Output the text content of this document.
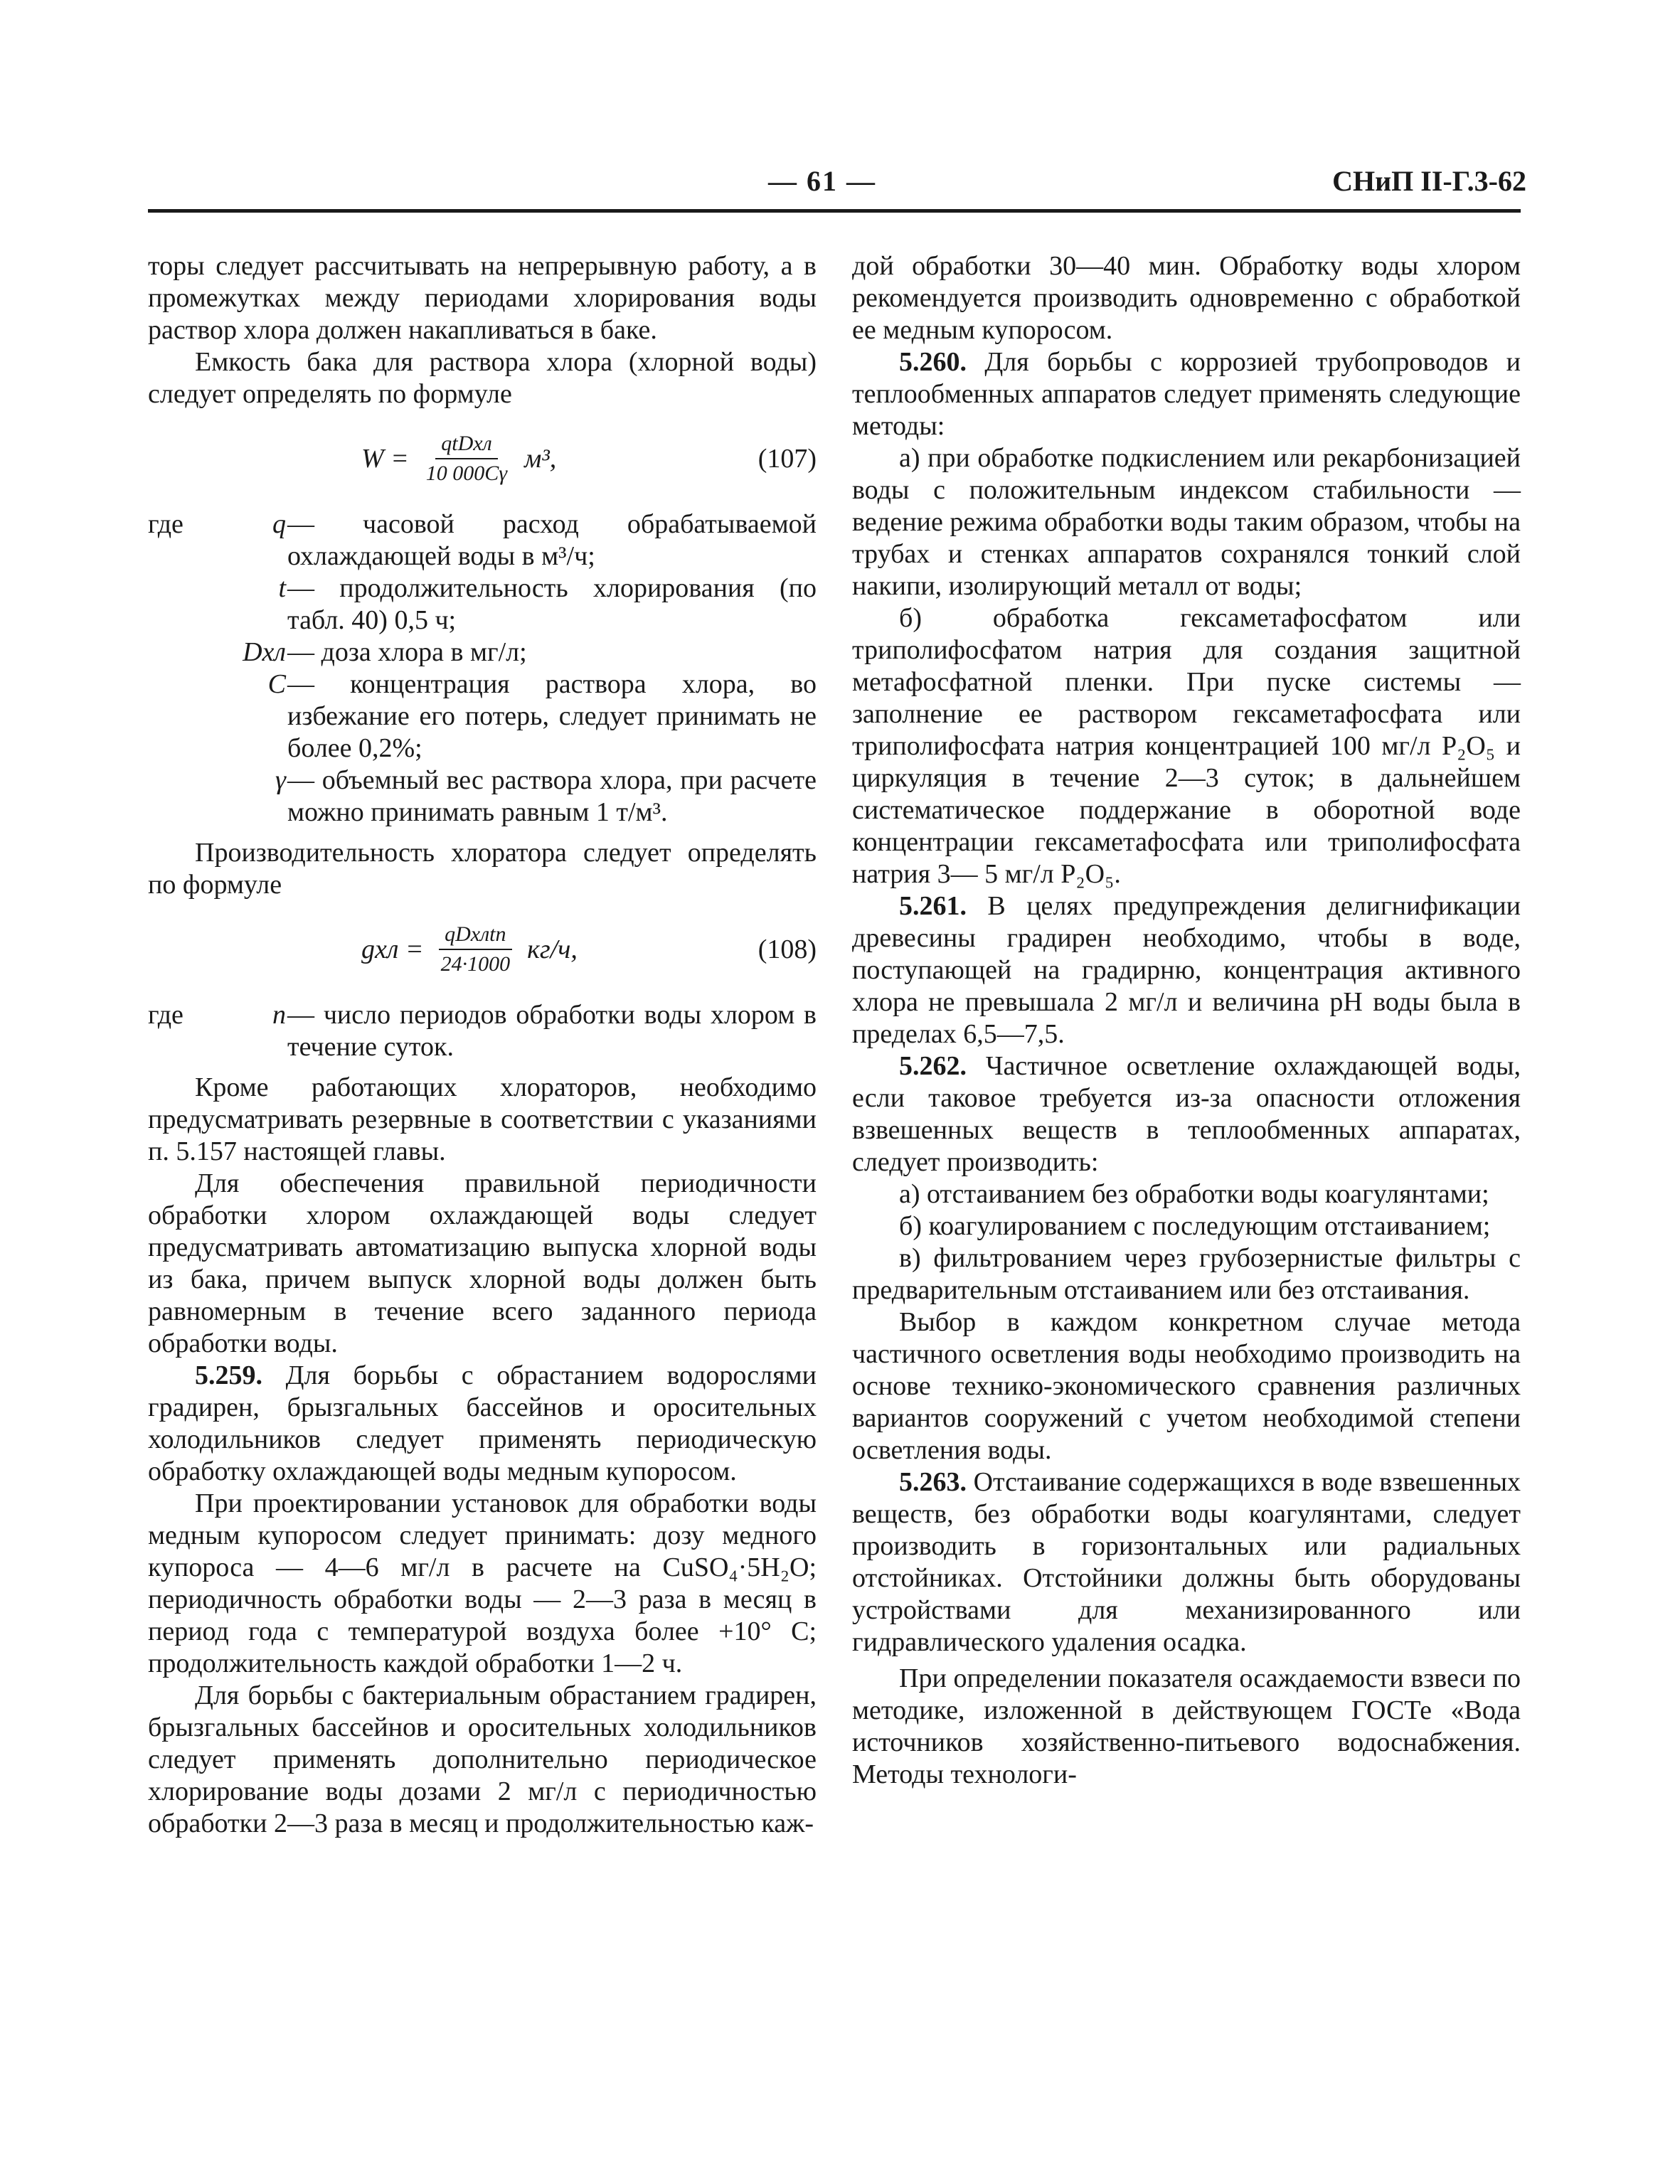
— 61 —	СНиП II-Г.3-62

торы следует рассчитывать на непрерывную работу, а в промежутках между периодами хлорирования воды раствор хлора должен накапливаться в баке.

Емкость бака для раствора хлора (хлорной воды) следует определять по формуле

$W = \frac{\text{qtDхл}}{10 000C\gamma} м^3$,	(107)
где	q — часовой расход обрабатываемой охлаждающей воды в м³/ч;
t — продолжительность хлорирования (по табл. 40) 0,5 ч;
Dхл — доза хлора в мг/л;
C — концентрация раствора хлора, во избежание его потерь, следует принимать не более 0,2%;
γ — объемный вес раствора хлора, при расчете можно принимать равным 1 т/м³.

Производительность хлоратора следует определять по формуле

gхл = $\frac{\text{qDхлtn}}{24\cdot 1000} кг/ч$,	(108)
где	n — число периодов обработки воды хлором в течение суток.

Кроме работающих хлораторов, необходимо предусматривать резервные в соответствии с указаниями п. 5.157 настоящей главы.

Для обеспечения правильной периодичности обработки хлором охлаждающей воды следует предусматривать автоматизацию выпуска хлорной воды из бака, причем выпуск хлорной воды должен быть равномерным в течение всего заданного периода обработки воды.

5.259. Для борьбы с обрастанием водорослями градирен, брызгальных бассейнов и оросительных холодильников следует применять периодическую обработку охлаждающей воды медным купоросом.

При проектировании установок для обработки воды медным купоросом следует принимать: дозу медного купороса — 4—6 мг/л в расчете на CuSO₄·5H₂O; периодичность обработки воды — 2—3 раза в месяц в период года с температурой воздуха более +10° C; продолжительность каждой обработки 1—2 ч.

Для борьбы с бактериальным обрастанием градирен, брызгальных бассейнов и оросительных холодильников следует применять дополнительно периодическое хлорирование воды дозами 2 мг/л с периодичностью обработки 2—3 раза в месяц и продолжительностью каж-

дой обработки 30—40 мин. Обработку воды хлором рекомендуется производить одновременно с обработкой ее медным купоросом.

5.260. Для борьбы с коррозией трубопроводов и теплообменных аппаратов следует применять следующие методы:

а) при обработке подкислением или рекарбонизацией воды с положительным индексом стабильности — ведение режима обработки воды таким образом, чтобы на трубах и стенках аппаратов сохранялся тонкий слой накипи, изолирующий металл от воды;

б) обработка гексаметафосфатом или триполифосфатом натрия для создания защитной метафосфатной пленки. При пуске системы — заполнение ее раствором гексаметафосфата или триполифосфата натрия концентрацией 100 мг/л P₂O₅ и циркуляция в течение 2—3 суток; в дальнейшем систематическое поддержание в оборотной воде концентрации гексаметафосфата или триполифосфата натрия 3— 5 мг/л P₂O₅.

5.261. В целях предупреждения делигнификации древесины градирен необходимо, чтобы в воде, поступающей на градирню, концентрация активного хлора не превышала 2 мг/л и величина pH воды была в пределах 6,5—7,5.

5.262. Частичное осветление охлаждающей воды, если таковое требуется из-за опасности отложения взвешенных веществ в теплообменных аппаратах, следует производить:

а) отстаиванием без обработки воды коагулянтами;

б) коагулированием с последующим отстаиванием;

в) фильтрованием через грубозернистые фильтры с предварительным отстаиванием или без отстаивания.

Выбор в каждом конкретном случае метода частичного осветления воды необходимо производить на основе технико-экономического сравнения различных вариантов сооружений с учетом необходимой степени осветления воды.

5.263. Отстаивание содержащихся в воде взвешенных веществ, без обработки воды коагулянтами, следует производить в горизонтальных или радиальных отстойниках. Отстойники должны быть оборудованы устройствами для механизированного или гидравлического удаления осадка.

При определении показателя осаждаемости взвеси по методике, изложенной в действующем ГОСТе «Вода источников хозяйственно-питьевого водоснабжения. Методы технологи-
